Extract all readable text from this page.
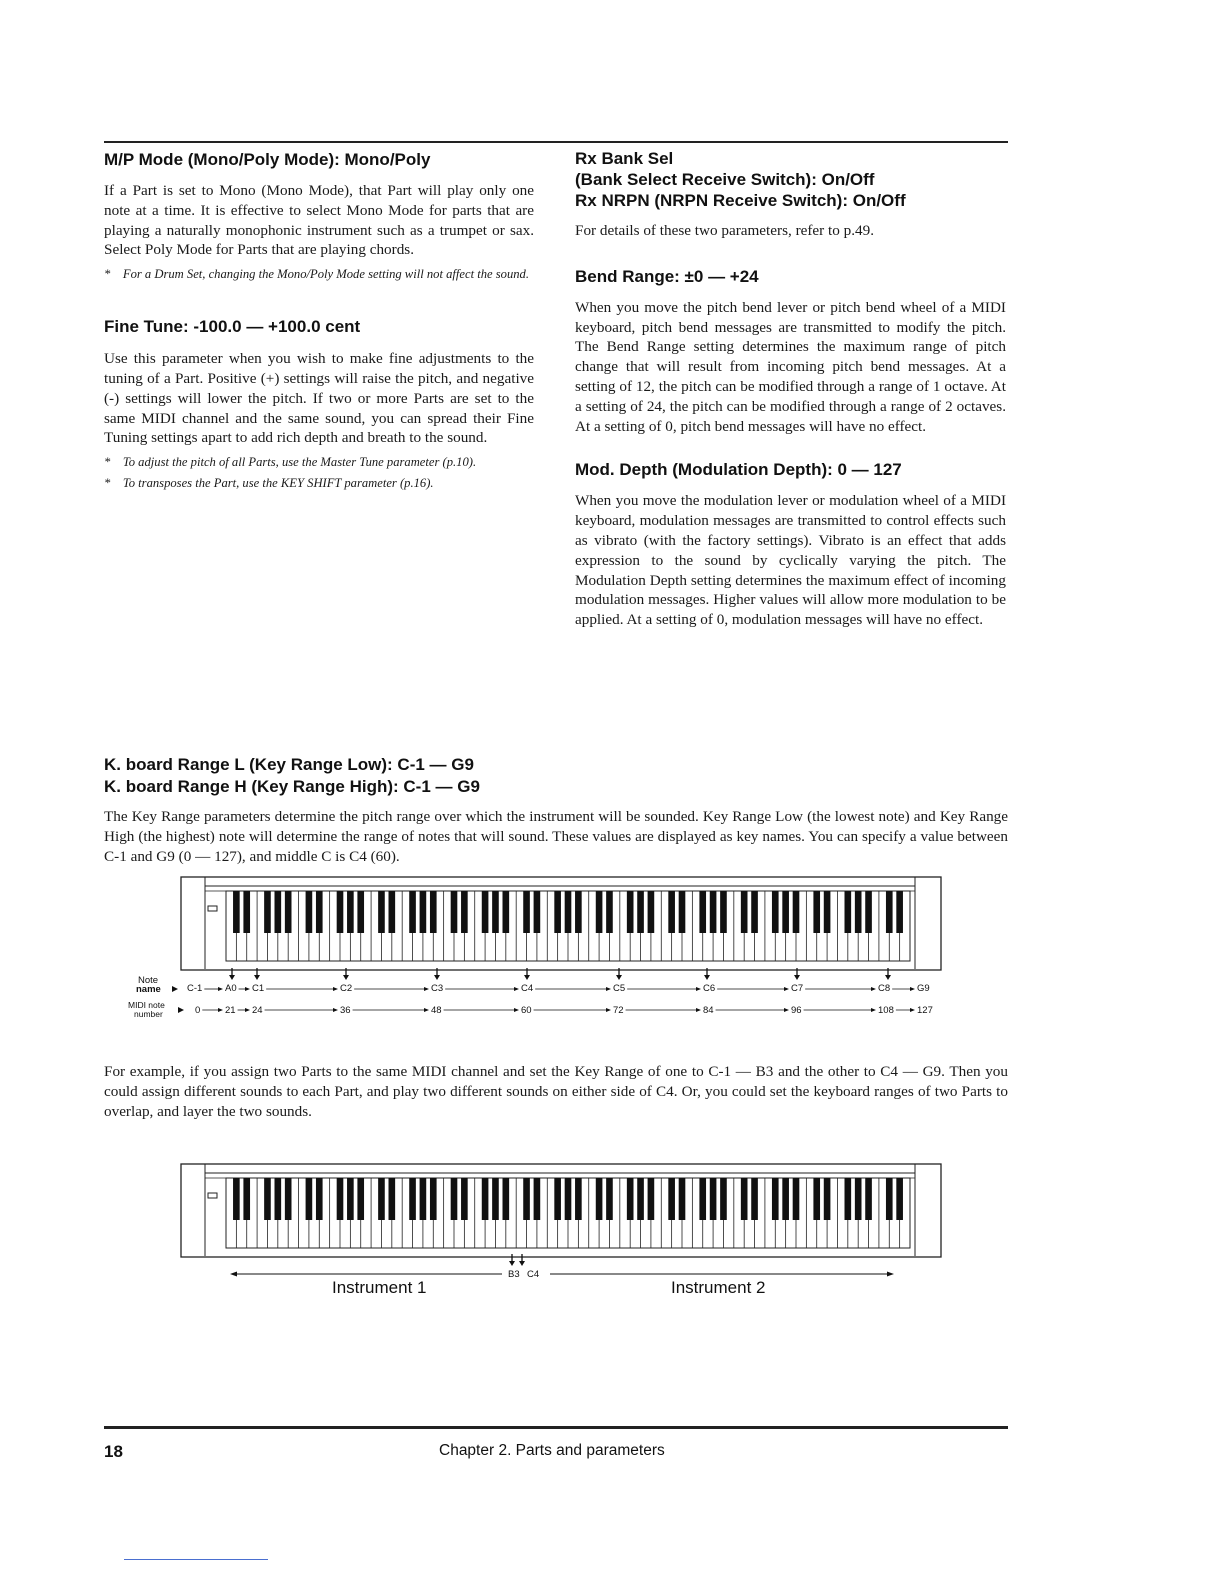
M/P Mode (Mono/Poly Mode): Mono/Poly

If a Part is set to Mono (Mono Mode), that Part will play only one note at a time. It is effective to select Mono Mode for parts that are playing a naturally monophonic instrument such as a trumpet or sax. Select Poly Mode for Parts that are playing chords.

*    For a Drum Set, changing the Mono/Poly Mode setting will not affect the sound.

Fine Tune: -100.0 — +100.0 cent

Use this parameter when you wish to make fine adjustments to the tuning of a Part. Positive (+) settings will raise the pitch, and negative (-) settings will lower the pitch. If two or more Parts are set to the same MIDI channel and the same sound, you can spread their Fine Tuning settings apart to add rich depth and breath to the sound.

*    To adjust the pitch of all Parts, use the Master Tune parameter (p.10).

*    To transposes the Part, use the KEY SHIFT parameter (p.16).

Rx Bank Sel
(Bank Select Receive Switch): On/Off
Rx NRPN (NRPN Receive Switch): On/Off

For details of these two parameters, refer to p.49.

Bend Range: ±0 — +24

When you move the pitch bend lever or pitch bend wheel of a MIDI keyboard, pitch bend messages are transmitted to modify the pitch. The Bend Range setting determines the maximum range of pitch change that will result from incoming pitch bend messages. At a setting of 12, the pitch can be modified through a range of 1 octave. At a setting of 24, the pitch can be modified through a range of 2 octaves. At a setting of 0, pitch bend messages will have no effect.

Mod. Depth (Modulation Depth): 0 — 127

When you move the modulation lever or modulation wheel of a MIDI keyboard, modulation messages are transmitted to control effects such as vibrato (with the factory settings). Vibrato is an effect that adds expression to the sound by cyclically varying the pitch. The Modulation Depth setting determines the maximum effect of incoming modulation messages. Higher values will allow more modulation to be applied. At a setting of 0, modulation messages will have no effect.

K. board Range L (Key Range Low): C-1 — G9
K. board Range H (Key Range High): C-1 — G9

The Key Range parameters determine the pitch range over which the instrument will be sounded. Key Range Low (the lowest note) and Key Range High (the highest) note will determine the range of notes that will sound. These values are displayed as key names. You can specify a value between C-1 and G9 (0 — 127), and middle C is C4 (60).

Note
name
MIDI note
number
C-1 A0 C1	C2	C3	C4	C5	C6	C7	C8	G9
0	21 24	36	48	60	72	84	96	108 127

For example, if you assign two Parts to the same MIDI channel and set the Key Range of one to C-1 — B3 and the other to C4 — G9. Then you could assign different sounds to each Part, and play two different sounds on either side of C4. Or, you could set the keyboard ranges of two Parts to overlap, and layer the two sounds.

B3 C4
Instrument 1	Instrument 2
18	Chapter 2. Parts and parameters
